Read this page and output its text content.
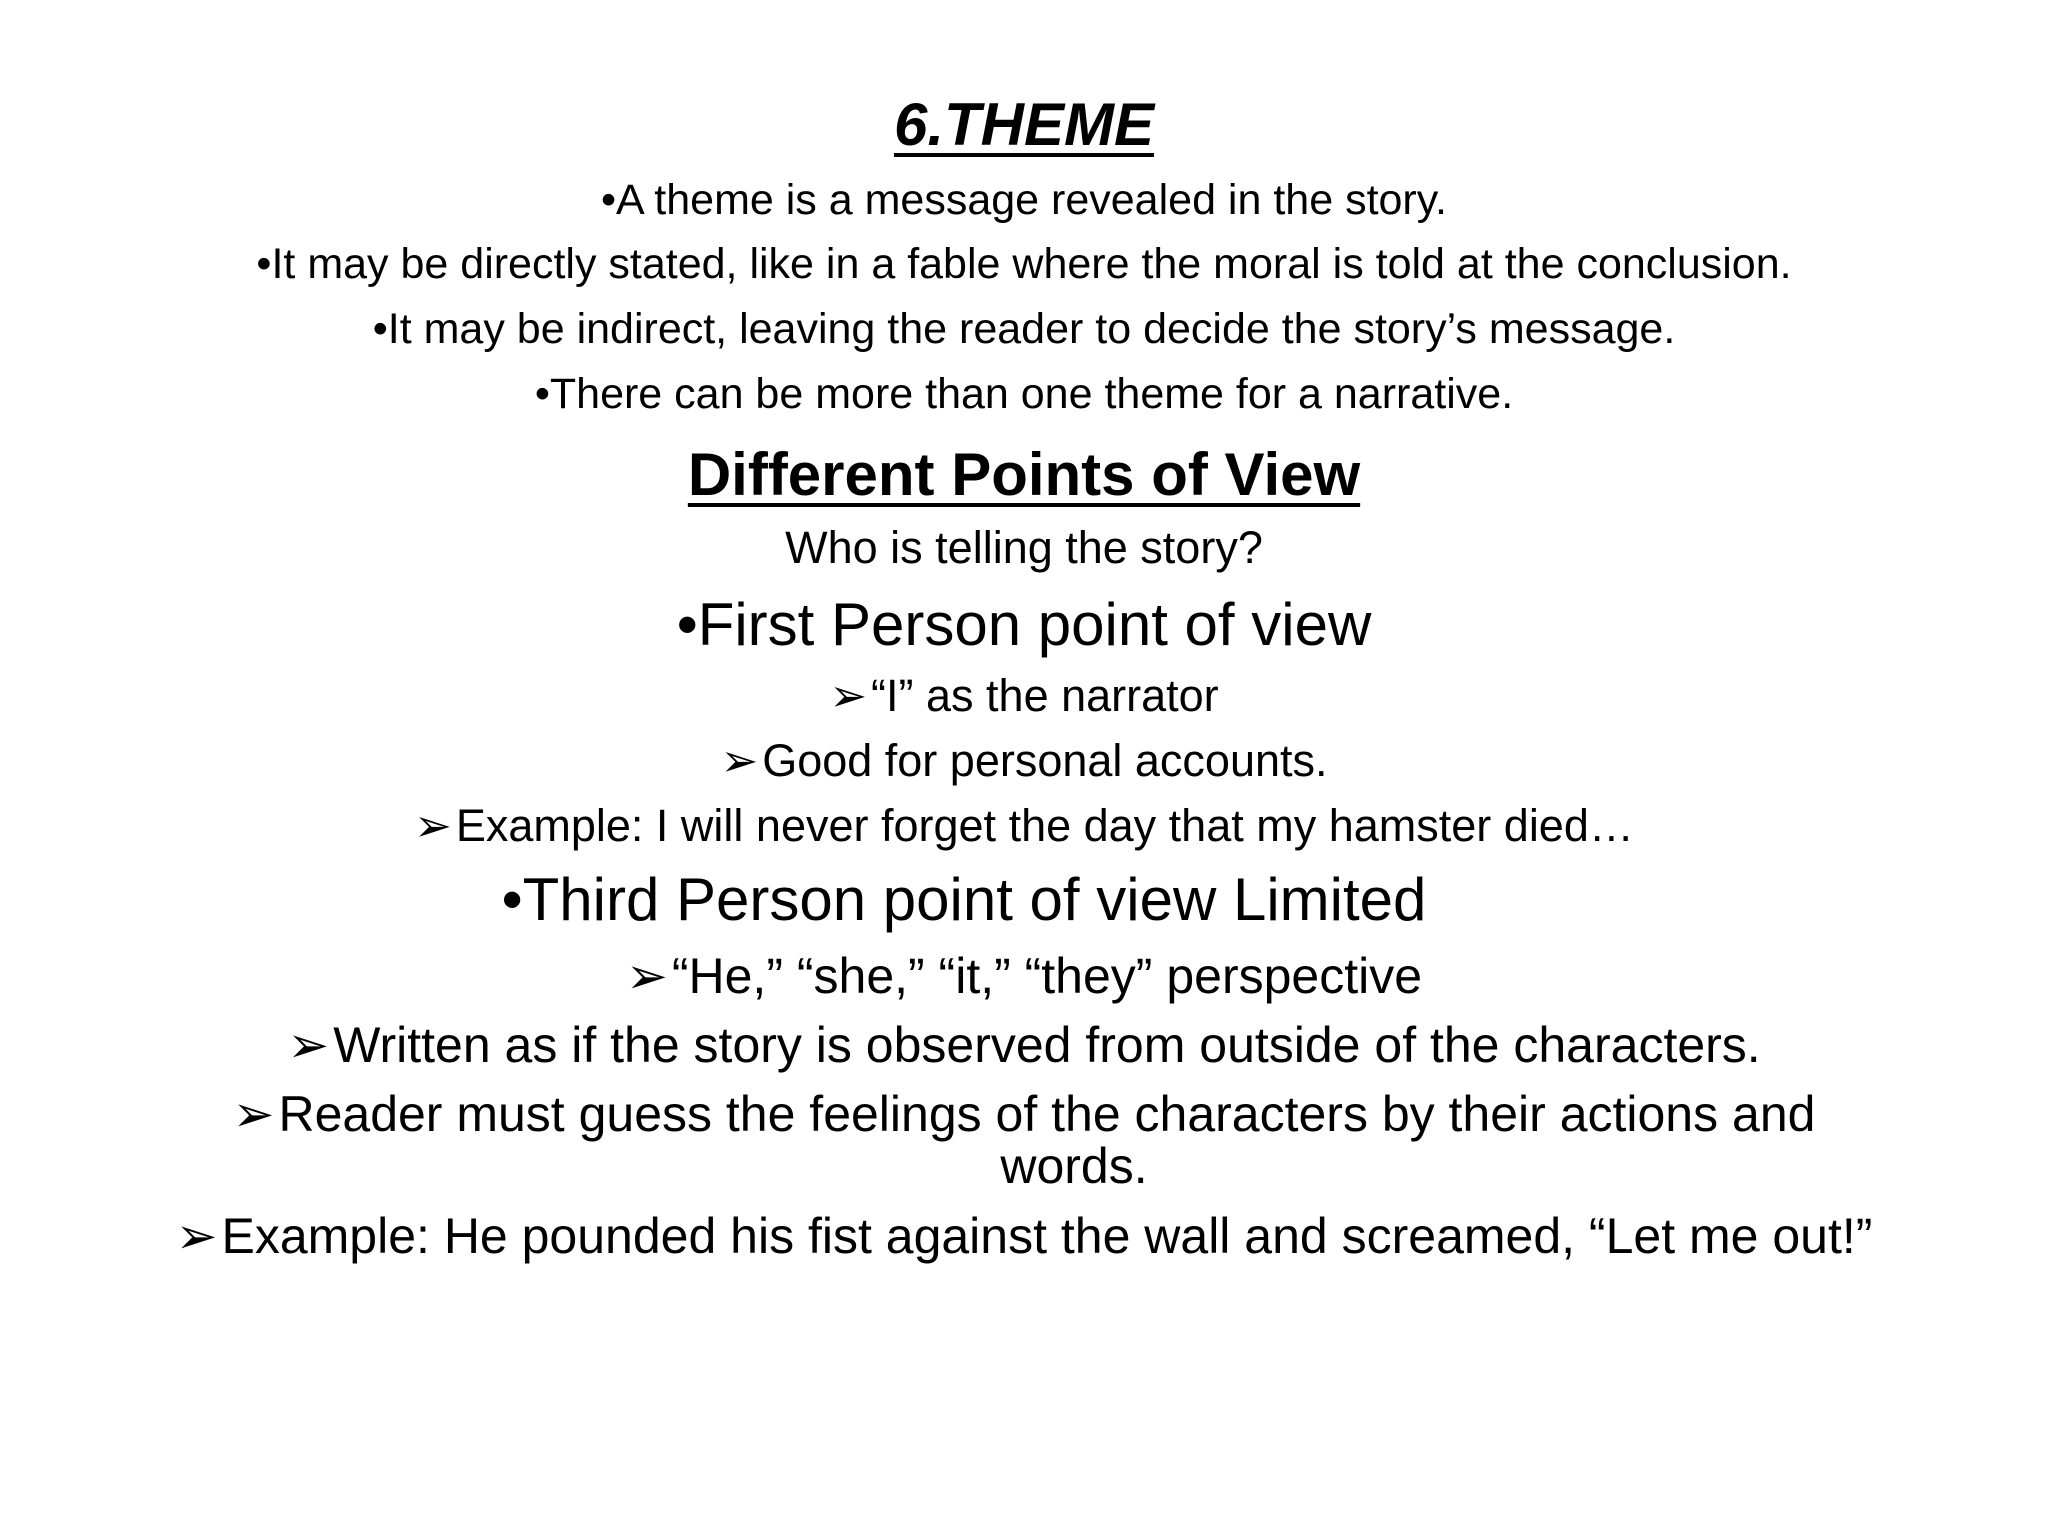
6.THEME
•A theme is a message revealed in the story.
•It may be directly stated, like in a fable where the moral is told at the conclusion.
•It may be indirect, leaving the reader to decide the story’s message.
•There can be more than one theme for a narrative.
Different Points of View
Who is telling the story?
•First Person point of view
➢“I” as the narrator
➢Good for personal accounts.
➢Example: I will never forget the day that my hamster died…
•Third Person point of view Limited
➢“He,” “she,” “it,” “they” perspective
➢Written as if the story is observed from outside of the characters.
➢Reader must guess the feelings of the characters by their actions and
words.
➢Example: He pounded his fist against the wall and screamed, “Let me out!”
